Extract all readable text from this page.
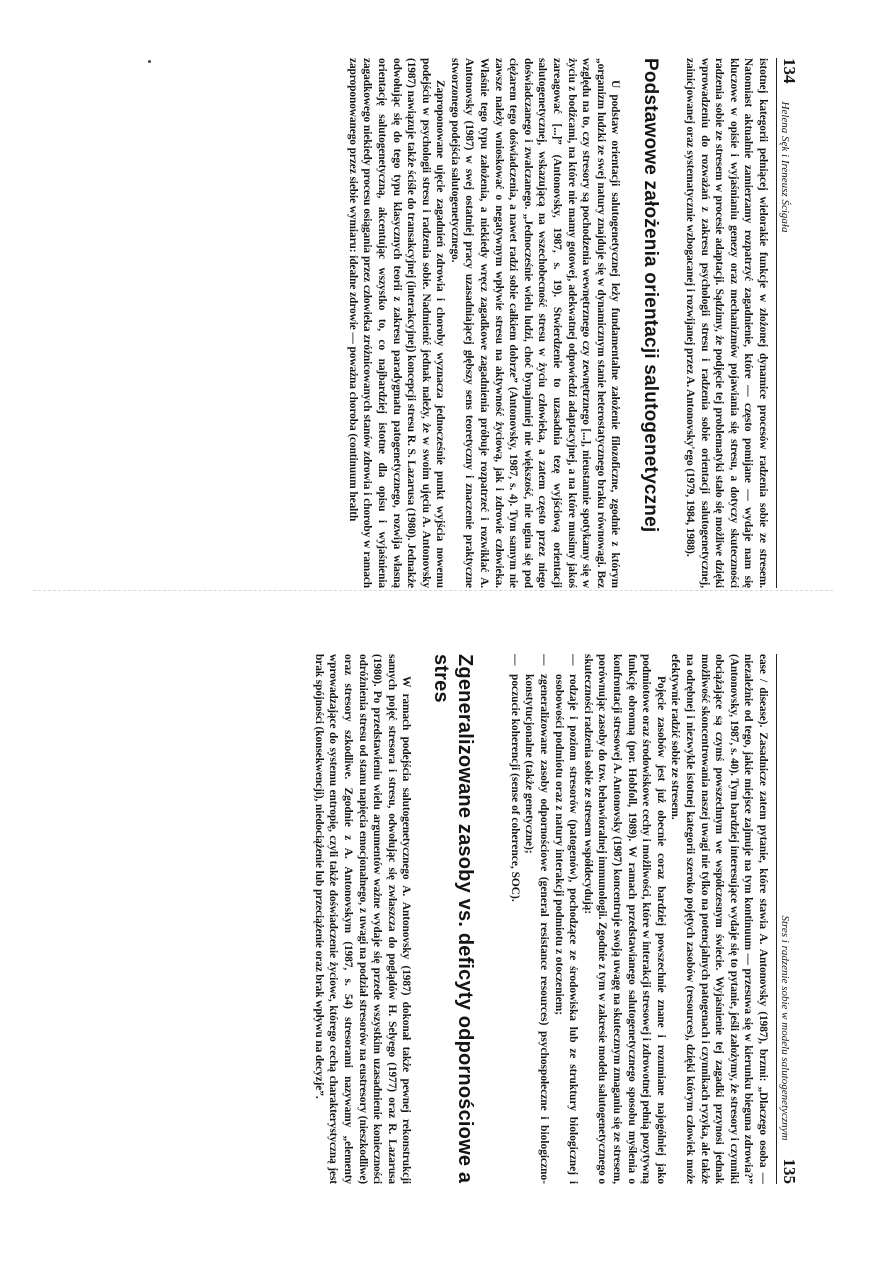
134
Helena Sęk i Ireneusz Ścigała

istotnej kategorii pełniącej wielorakie funkcje w złożonej dynamice procesów radzenia sobie ze stresem. Natomiast aktualnie zamierzamy rozpatrzyć zagadnienie, które — często pomijane — wydaje nam się kluczowe w opisie i wyjaśnianiu genezy oraz mechanizmów pojawiania się stresu, a dotyczy skuteczności radzenia sobie ze stresem w procesie adaptacji. Sądzimy, że podjęcie tej problematyki stało się możliwe dzięki wprowadzeniu do rozważań z zakresu psychologii stresu i radzenia sobie orientacji salutogenetycznej, zainicjowanej oraz systematycznie wzbogacanej i rozwijanej przez A. Antonovsky'ego (1979, 1984, 1988).

Podstawowe założenia orientacji salutogenetycznej

U podstaw orientacji salutogenetycznej leży fundamentalne założenie filozoficzne, zgodnie z którym „organizm ludzki ze swej natury znajduje się w dynamicznym stanie heterostatycznego braku równowagi. Bez względu na to, czy stresory są pochodzenia wewnętrznego czy zewnętrznego [...], nieustannie spotykamy się w życiu z bodźcami, na które nie mamy gotowej, adekwatnej odpowiedzi adaptacyjnej, a na które musimy jakoś zareagować [...]” (Antonovsky, 1987, s. 19). Stwierdzenie to uzasadnia tezę wyjściową orientacji salutogenetycznej, wskazującą na wszechobecność stresu w życiu człowieka, a zatem często przez niego doświadczanego i zwalczanego. „Jednocześnie wielu ludzi, choć bynajmniej nie większość, nie ugina się pod ciężarem tego doświadczenia, a nawet radzi sobie całkiem dobrze” (Antonovsky, 1987, s. 4). Tym samym nie zawsze należy wnioskować o negatywnym wpływie stresu na aktywność życiową, jak i zdrowie człowieka. Właśnie tego typu założenia, a niekiedy wręcz zagadkowe zagadnienia próbuje rozpatrzeć i rozwikłać A. Antonovsky (1987) w swej ostatniej pracy uzasadniającej głębszy sens teoretyczny i znaczenie praktyczne stworzonego podejścia salutogenetycznego.

Zaproponowane ujęcie zagadnień zdrowia i choroby wyznacza jednocześnie punkt wyjścia nowemu podejściu w psychologii stresu i radzenia sobie. Nadmienić jednak należy, że w swoim ujęciu A. Antonovsky (1987) nawiązuje także ściśle do transakcyjnej (interakcyjnej) koncepcji stresu R. S. Lazarusa (1980). Jednakże odwołując się do tego typu klasycznych teorii z zakresu paradygmatu patogenetycznego, rozwija własną orientację salutogenetyczną, akcentując wszystko to, co najbardziej istotne dla opisu i wyjaśnienia zagadkowego niekiedy procesu osiągania przez człowieka zróżnicowanych stanów zdrowia i choroby w ramach zaproponowanego przez siebie wymiaru: idealne zdrowie — poważna choroba (continuum health

Stres i radzenie sobie w modelu salutogenetycznym
135

ease / disease). Zasadnicze zatem pytanie, które stawia A. Antonovsky (1987), brzmi: „Dlaczego osoba — niezależnie od tego, jakie miejsce zajmuje na tym kontinuum — przesuwa się w kierunku bieguna zdrowia?” (Antonovsky, 1987, s. 40). Tym bardziej interesujące wydaje się to pytanie, jeśli założymy, że stresory i czynniki obciążające są czymś powszechnym we współczesnym świecie. Wyjaśnienie tej zagadki przynosi jednak możliwość skoncentrowania naszej uwagi nie tylko na potencjalnych patogenach i czynnikach ryzyka, ale także na odrębnej i niezwykle istotnej kategorii szeroko pojętych zasobów (resources), dzięki którym człowiek może efektywnie radzić sobie ze stresem.

Pojęcie zasobów jest już obecnie coraz bardziej powszechnie znane i rozumiane najogólniej jako podmiotowe oraz środowiskowe cechy i możliwości, które w interakcji stresowej i zdrowotnej pełnią pozytywną funkcję obronną (por. Hobfoll, 1989). W ramach przedstawianego salutogenetycznego sposobu myślenia o konfrontacji stresowej A. Antonovsky (1987) koncentruje swoją uwagę na skutecznym zmaganiu się ze stresem, porównując zasoby do tzw. behawioralnej immunologii. Zgodnie z tym w zakresie modelu salutogenetycznego o skuteczności radzenia sobie ze stresem współdecydują:

— rodzaje i poziom stresorów (patogenów), pochodzące ze środowiska lub ze struktury biologicznej i osobowości podmiotu oraz z natury interakcji podmiotu z otoczeniem;
— zgeneralizowane zasoby odpornościowe (general resistance resources) psychospołeczne i biologiczno-konstytucjonalne (także genetyczne);
— poczucie koherencji (sense of coherence, SOC).
Zgeneralizowane zasoby vs. deficyty odpornościowe a stres

W ramach podejścia salutogenetycznego A. Antonovsky (1987) dokonał także pewnej rekonstrukcji samych pojęć stresora i stresu, odwołując się zwłaszcza do poglądów H. Selyego (1977) oraz R. Lazarusa (1980). Po przedstawieniu wielu argumentów ważne wydaje się przede wszystkim uzasadnienie konieczności odróżnienia stresu od stanu napięcia emocjonalnego, z uwagi na podział stresorów na eustresory (nieszkodliwe) oraz stresory szkodliwe. Zgodnie z A. Antonovskym (1987, s. 54) stresorami nazywamy „elementy wprowadzające do systemu entropię, czyli także doświadczenie życiowe, którego cechą charakterystyczną jest brak spójności (konsekwencji), niedociążenie lub przeciążenie oraz brak wpływu na decyzje”.
